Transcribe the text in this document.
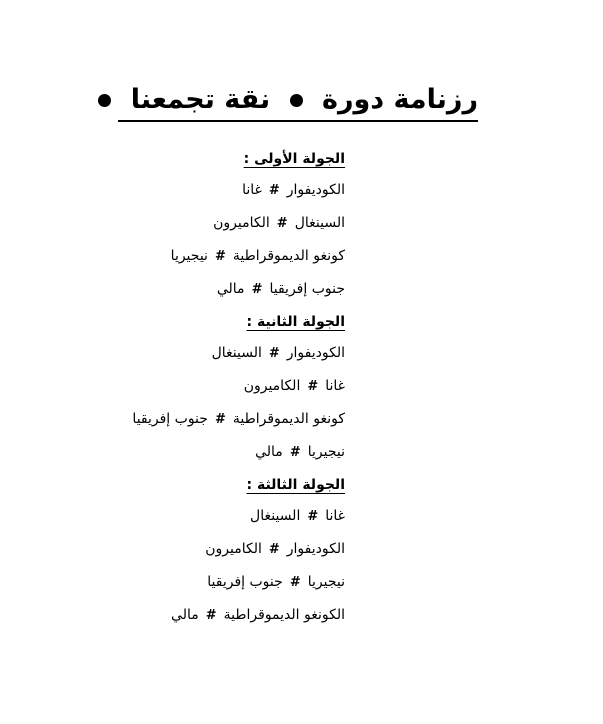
رزنامة دورة  نقة تجمعنا
الجولة الأولى :
الكوديفوار#غانا
السينغال#الكاميرون
كونغو الديموقراطية#نيجيريا
جنوب إفريقيا#مالي
الجولة الثانية :
الكوديفوار#السينغال
غانا#الكاميرون
كونغو الديموقراطية#جنوب إفريقيا
نيجيريا#مالي
الجولة الثالثة :
غانا#السينغال
الكوديفوار#الكاميرون
نيجيريا#جنوب إفريقيا
الكونغو الديموقراطية#مالي
